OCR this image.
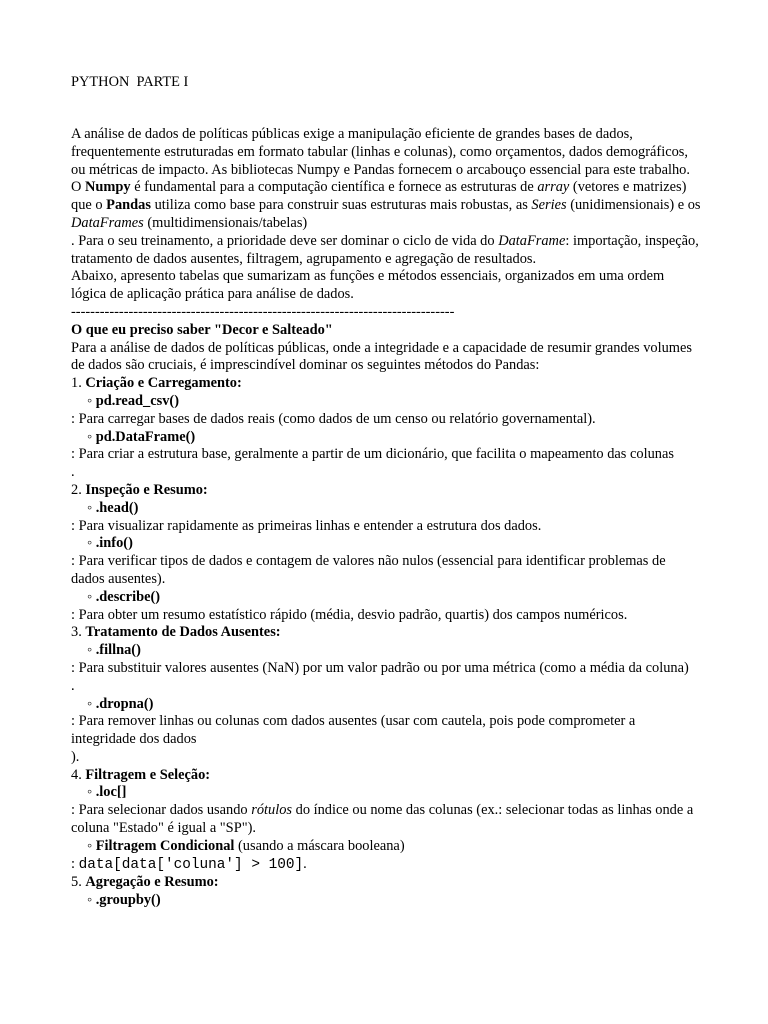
PYTHON  PARTE I

A análise de dados de políticas públicas exige a manipulação eficiente de grandes bases de dados, frequentemente estruturadas em formato tabular (linhas e colunas), como orçamentos, dados demográficos, ou métricas de impacto. As bibliotecas Numpy e Pandas fornecem o arcabouço essencial para este trabalho. O Numpy é fundamental para a computação científica e fornece as estruturas de array (vetores e matrizes) que o Pandas utiliza como base para construir suas estruturas mais robustas, as Series (unidimensionais) e os DataFrames (multidimensionais/tabelas)

. Para o seu treinamento, a prioridade deve ser dominar o ciclo de vida do DataFrame: importação, inspeção, tratamento de dados ausentes, filtragem, agrupamento e agregação de resultados.

Abaixo, apresento tabelas que sumarizam as funções e métodos essenciais, organizados em uma ordem lógica de aplicação prática para análise de dados.

--------------------------------------------------------------------------------
O que eu preciso saber "Decor e Salteado"

Para a análise de dados de políticas públicas, onde a integridade e a capacidade de resumir grandes volumes de dados são cruciais, é imprescindível dominar os seguintes métodos do Pandas:

1. Criação e Carregamento:
◦ pd.read_csv()
: Para carregar bases de dados reais (como dados de um censo ou relatório governamental).
◦ pd.DataFrame()
: Para criar a estrutura base, geralmente a partir de um dicionário, que facilita o mapeamento das colunas
.
2. Inspeção e Resumo:
◦ .head()
: Para visualizar rapidamente as primeiras linhas e entender a estrutura dos dados.
◦ .info()
: Para verificar tipos de dados e contagem de valores não nulos (essencial para identificar problemas de dados ausentes).
◦ .describe()
: Para obter um resumo estatístico rápido (média, desvio padrão, quartis) dos campos numéricos.
3. Tratamento de Dados Ausentes:
◦ .fillna()
: Para substituir valores ausentes (NaN) por um valor padrão ou por uma métrica (como a média da coluna)
.
◦ .dropna()
: Para remover linhas ou colunas com dados ausentes (usar com cautela, pois pode comprometer a integridade dos dados
).
4. Filtragem e Seleção:
◦ .loc[]
: Para selecionar dados usando rótulos do índice ou nome das colunas (ex.: selecionar todas as linhas onde a coluna "Estado" é igual a "SP").
◦ Filtragem Condicional (usando a máscara booleana)
: data[data['coluna'] > 100].
5. Agregação e Resumo:
◦ .groupby()
